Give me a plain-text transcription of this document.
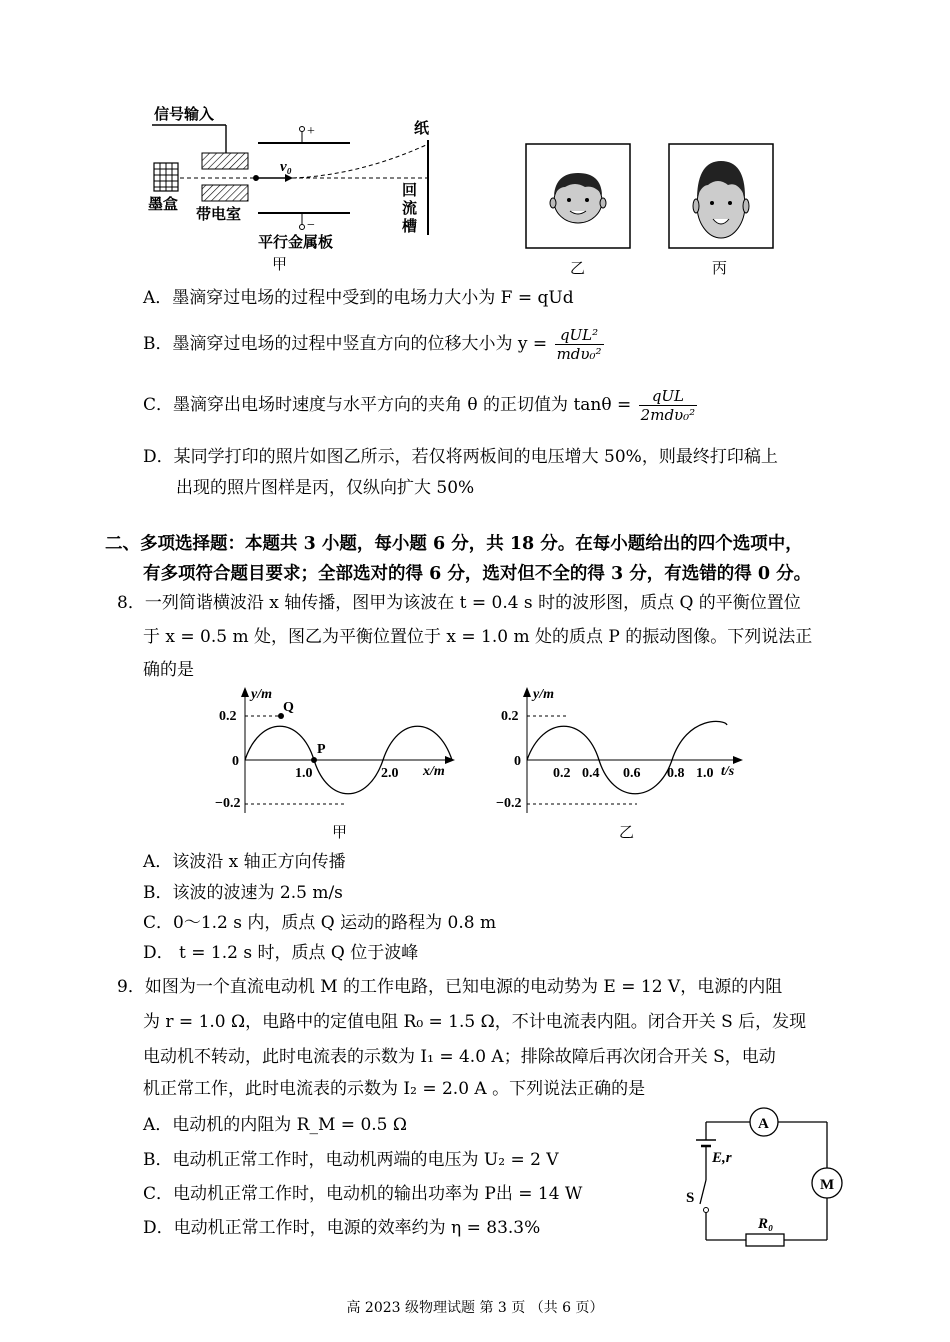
信号输入
墨盒
带电室
v₀
+
−
平行金属板
纸
回
流
槽
甲	乙	丙
A．墨滴穿过电场的过程中受到的电场力大小为 F = qUd
B．墨滴穿过电场的过程中竖直方向的位移大小为 y = qUL²
mdυ₀²
C．墨滴穿出电场时速度与水平方向的夹角 θ 的正切值为 tanθ =	qUL
2mdυ₀²
D．某同学打印的照片如图乙所示，若仅将两板间的电压增大 50%，则最终打印稿上
出现的照片图样是丙，仅纵向扩大 50%
二、多项选择题：本题共 3 小题，每小题 6 分，共 18 分。在每小题给出的四个选项中，
有多项符合题目要求；全部选对的得 6 分，选对但不全的得 3 分，有选错的得 0 分。
8．一列简谐横波沿 x 轴传播，图甲为该波在 t = 0.4 s 时的波形图，质点 Q 的平衡位置位
于 x = 0.5 m 处，图乙为平衡位置位于 x = 1.0 m 处的质点 P 的振动图像。下列说法正
确的是
y/m
x/m
0.2
0
−0.2
1.0	2.0
Q
P
甲
y/m
t/s
0.2
0
−0.2
0.2 0.4 0.6 0.8 1.0
乙
A．该波沿 x 轴正方向传播
B．该波的波速为 2.5 m/s
C．0～1.2 s 内，质点 Q 运动的路程为 0.8 m
D． t = 1.2 s 时，质点 Q 位于波峰
9．如图为一个直流电动机 M 的工作电路，已知电源的电动势为 E = 12 V，电源的内阻
为 r = 1.0 Ω，电路中的定值电阻 R₀ = 1.5 Ω，不计电流表内阻。闭合开关 S 后，发现
电动机不转动，此时电流表的示数为 I₁ = 4.0 A；排除故障后再次闭合开关 S，电动
机正常工作，此时电流表的示数为 I₂ = 2.0 A 。下列说法正确的是
A．电动机的内阻为 R_M = 0.5 Ω
B．电动机正常工作时，电动机两端的电压为 U₂ = 2 V
C．电动机正常工作时，电动机的输出功率为 P出 = 14 W
D．电动机正常工作时，电源的效率约为 η = 83.3%
A
M
E,r
S
R₀
高 2023 级物理试题 第 3 页 （共 6 页）
